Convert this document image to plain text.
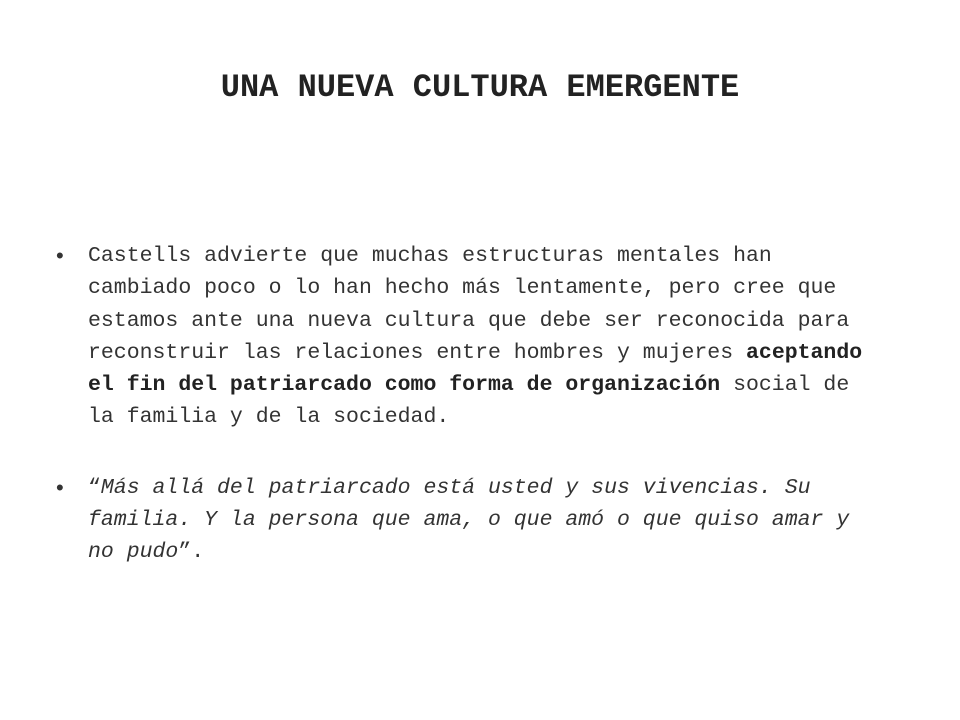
UNA NUEVA CULTURA EMERGENTE
• Castells advierte que muchas estructuras mentales han cambiado poco o lo han hecho más lentamente, pero cree que estamos ante una nueva cultura que debe ser reconocida para reconstruir las relaciones entre hombres y mujeres aceptando el fin del patriarcado como forma de organización social de la familia y de la sociedad.
• “Más allá del patriarcado está usted y sus vivencias. Su familia. Y la persona que ama, o que amó o que quiso amar y no pudo”.
